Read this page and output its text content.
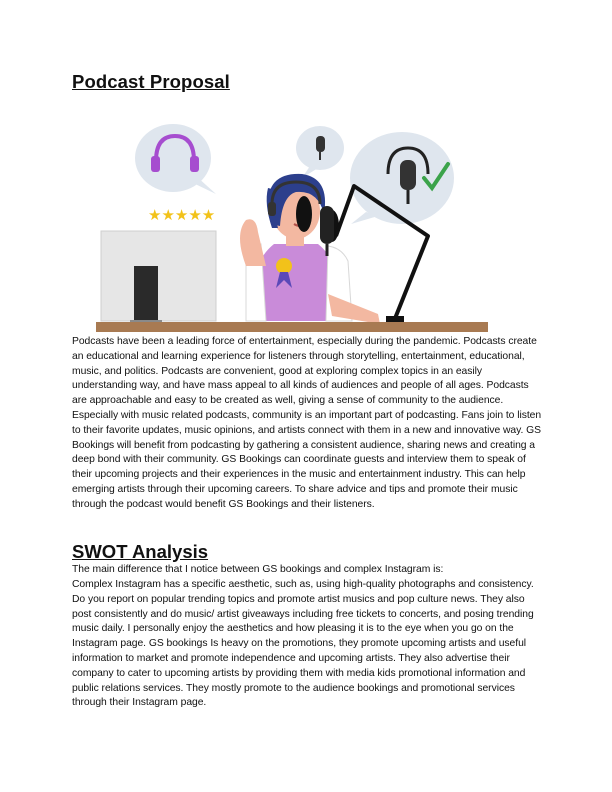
Podcast Proposal
★★★★★

Podcasts have been a leading force of entertainment, especially during the pandemic. Podcasts create an educational and learning experience for listeners through storytelling, entertainment, educational, music, and politics. Podcasts are convenient, good at exploring complex topics in an easily understanding way, and have mass appeal to all kinds of audiences and people of all ages. Podcasts are approachable and easy to be created as well, giving a sense of community to the audience. Especially with music related podcasts, community is an important part of podcasting. Fans join to listen to their favorite updates, music opinions, and artists connect with them in a new and innovative way. GS Bookings will benefit from podcasting by gathering a consistent audience, sharing news and creating a deep bond with their community. GS Bookings can coordinate guests and interview them to speak of their upcoming projects and their experiences in the music and entertainment industry. This can help emerging artists through their upcoming careers. To share advice and tips and promote their music through the podcast would benefit GS Bookings and their listeners.

SWOT Analysis

The main difference that I notice between GS bookings and complex Instagram is:

Complex Instagram has a specific aesthetic, such as, using high-quality photographs and consistency. Do you report on popular trending topics and promote artist musics and pop culture news. They also post consistently and do music/ artist giveaways including free tickets to concerts, and posing trending music daily. I personally enjoy the aesthetics and how pleasing it is to the eye when you go on the Instagram page. GS bookings Is heavy on the promotions, they promote upcoming artists and useful information to market and promote independence and upcoming artists. They also advertise their company to cater to upcoming artists by providing them with media kids promotional information and public relations services. They mostly promote to the audience bookings and promotional services through their Instagram page.
